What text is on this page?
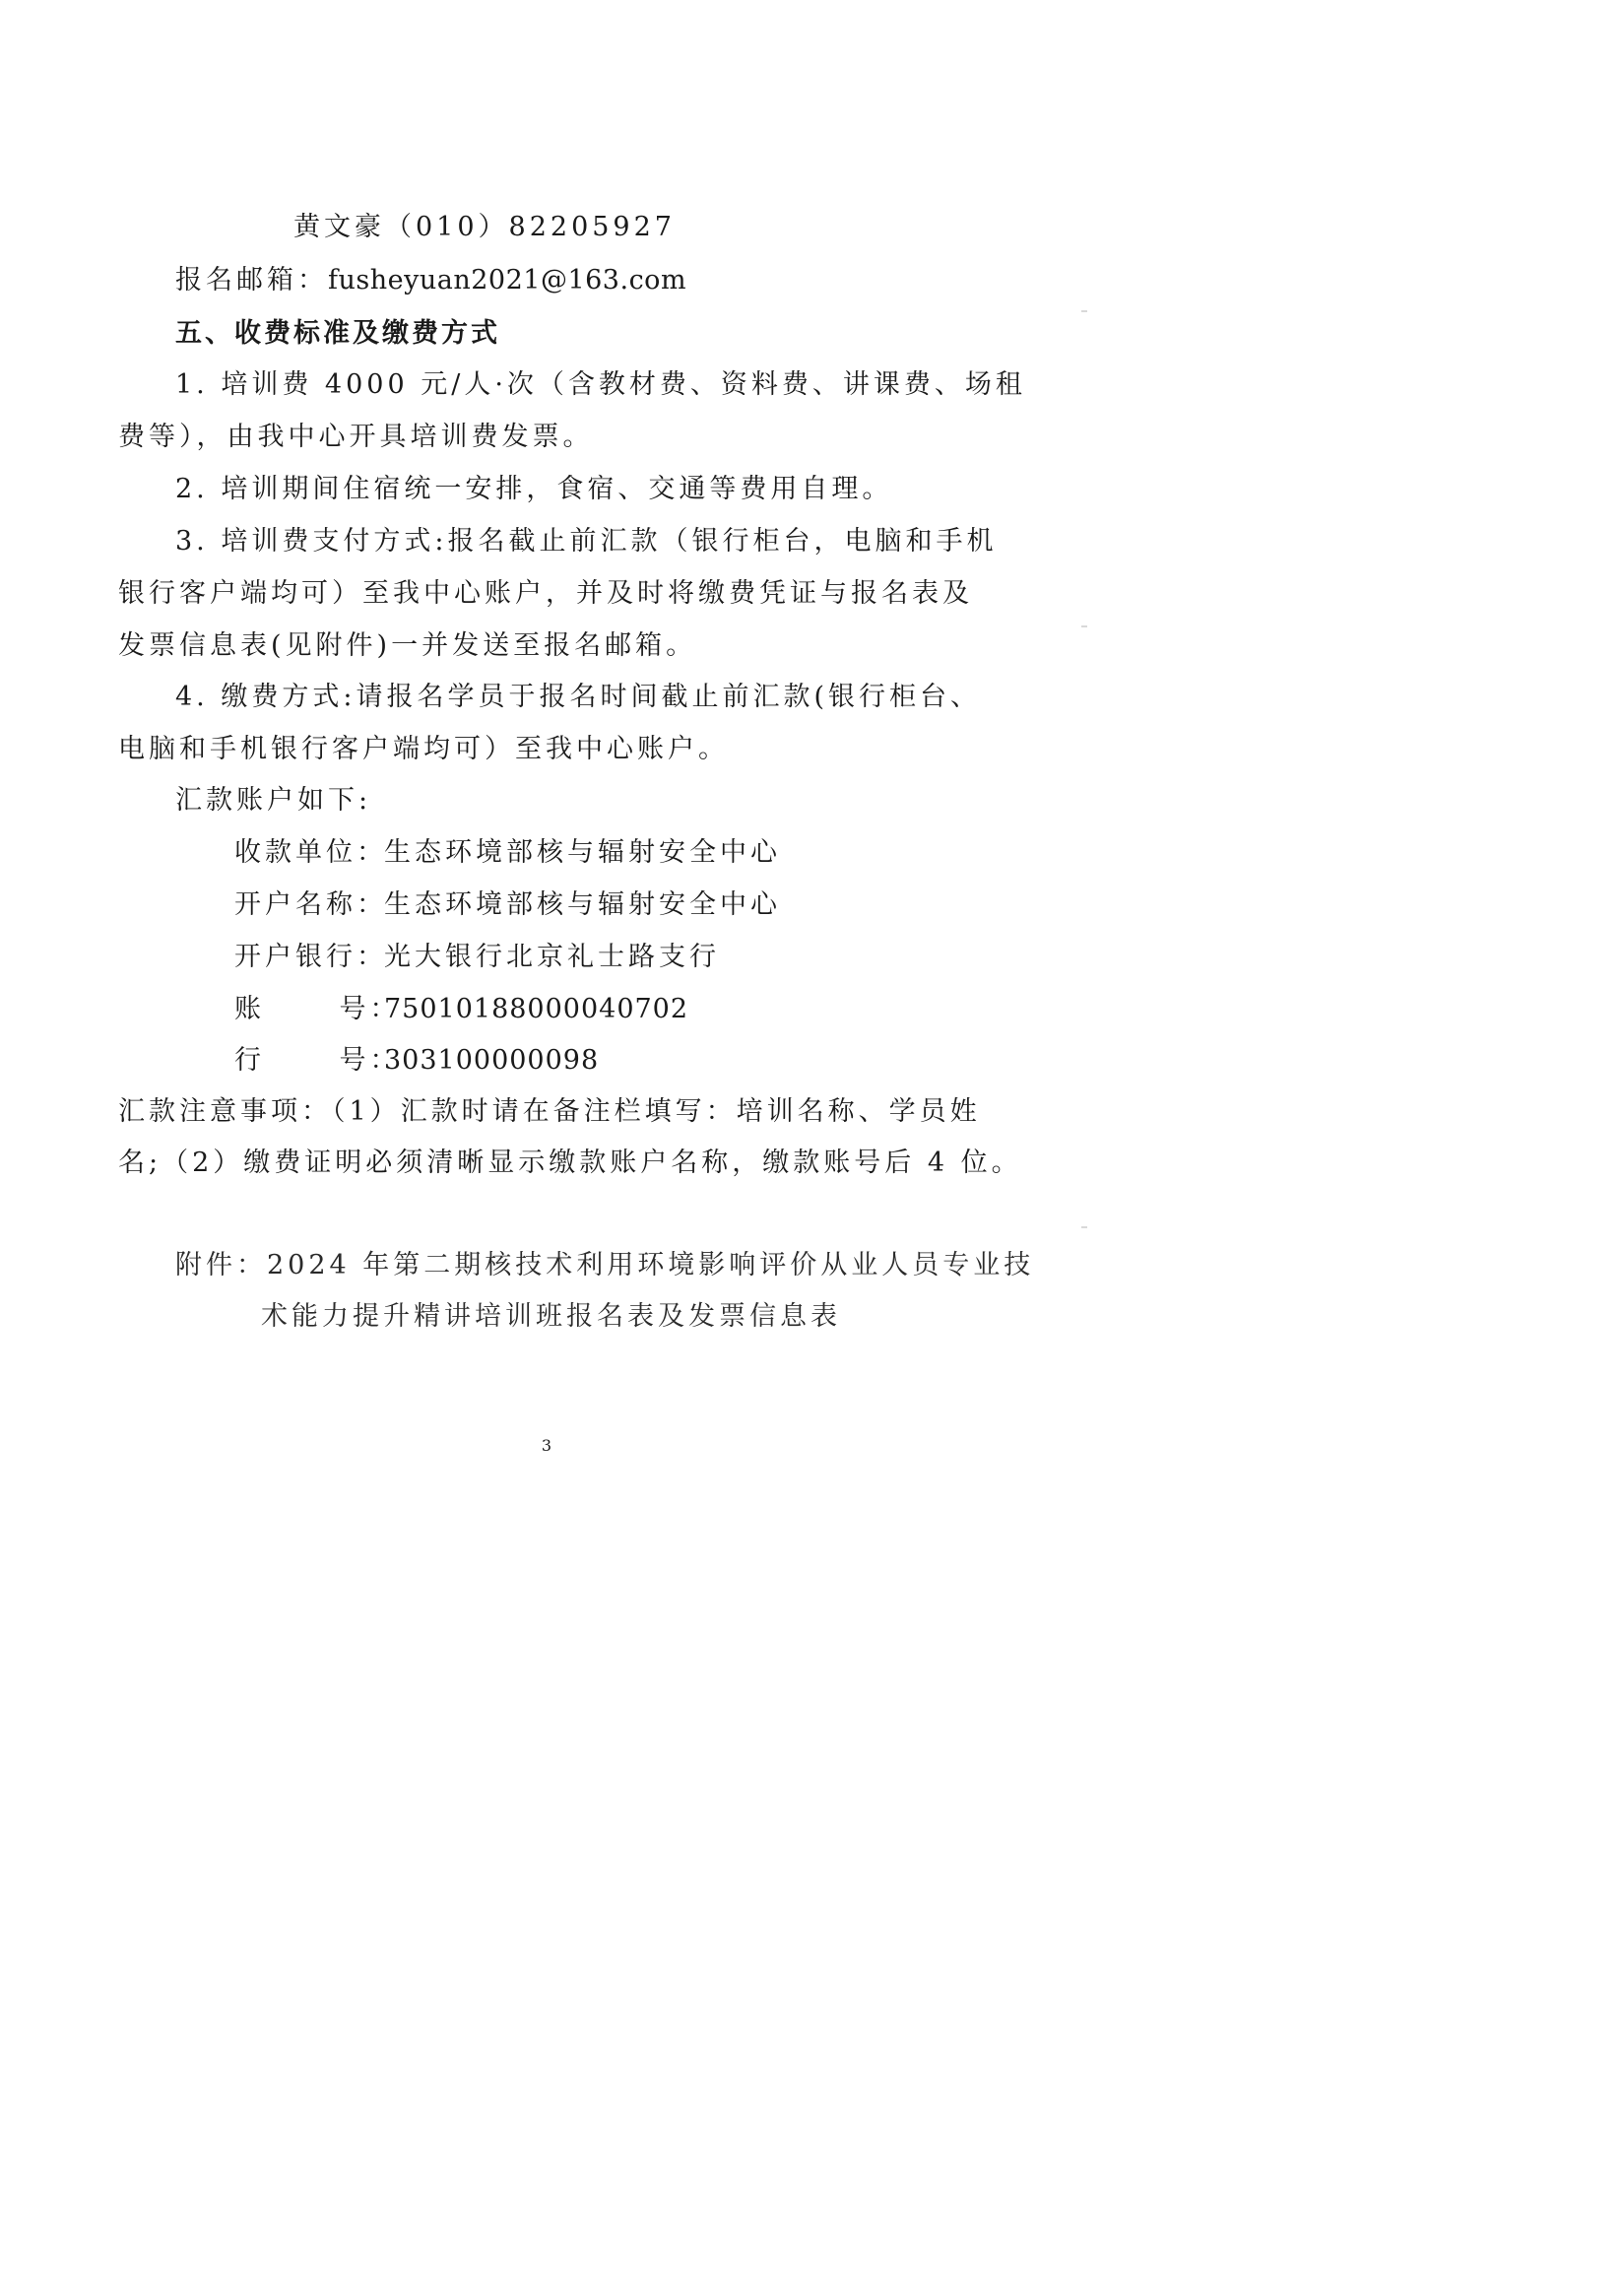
黄文豪（010）82205927
报名邮箱：fusheyuan2021@163.com
五、收费标准及缴费方式
1. 培训费 4000 元/人·次（含教材费、资料费、讲课费、场租
费等），由我中心开具培训费发票。
2. 培训期间住宿统一安排，食宿、交通等费用自理。
3. 培训费支付方式:报名截止前汇款（银行柜台，电脑和手机
银行客户端均可）至我中心账户，并及时将缴费凭证与报名表及
发票信息表(见附件)一并发送至报名邮箱。
4. 缴费方式:请报名学员于报名时间截止前汇款(银行柜台、
电脑和手机银行客户端均可）至我中心账户。
汇款账户如下:
收款单位：生态环境部核与辐射安全中心
开户名称：生态环境部核与辐射安全中心
开户银行：光大银行北京礼士路支行
账      号：75010188000040702
行      号：303100000098
汇款注意事项：（1）汇款时请在备注栏填写：培训名称、学员姓
名;（2）缴费证明必须清晰显示缴款账户名称，缴款账号后 4 位。
附件：2024 年第二期核技术利用环境影响评价从业人员专业技
术能力提升精讲培训班报名表及发票信息表
3
